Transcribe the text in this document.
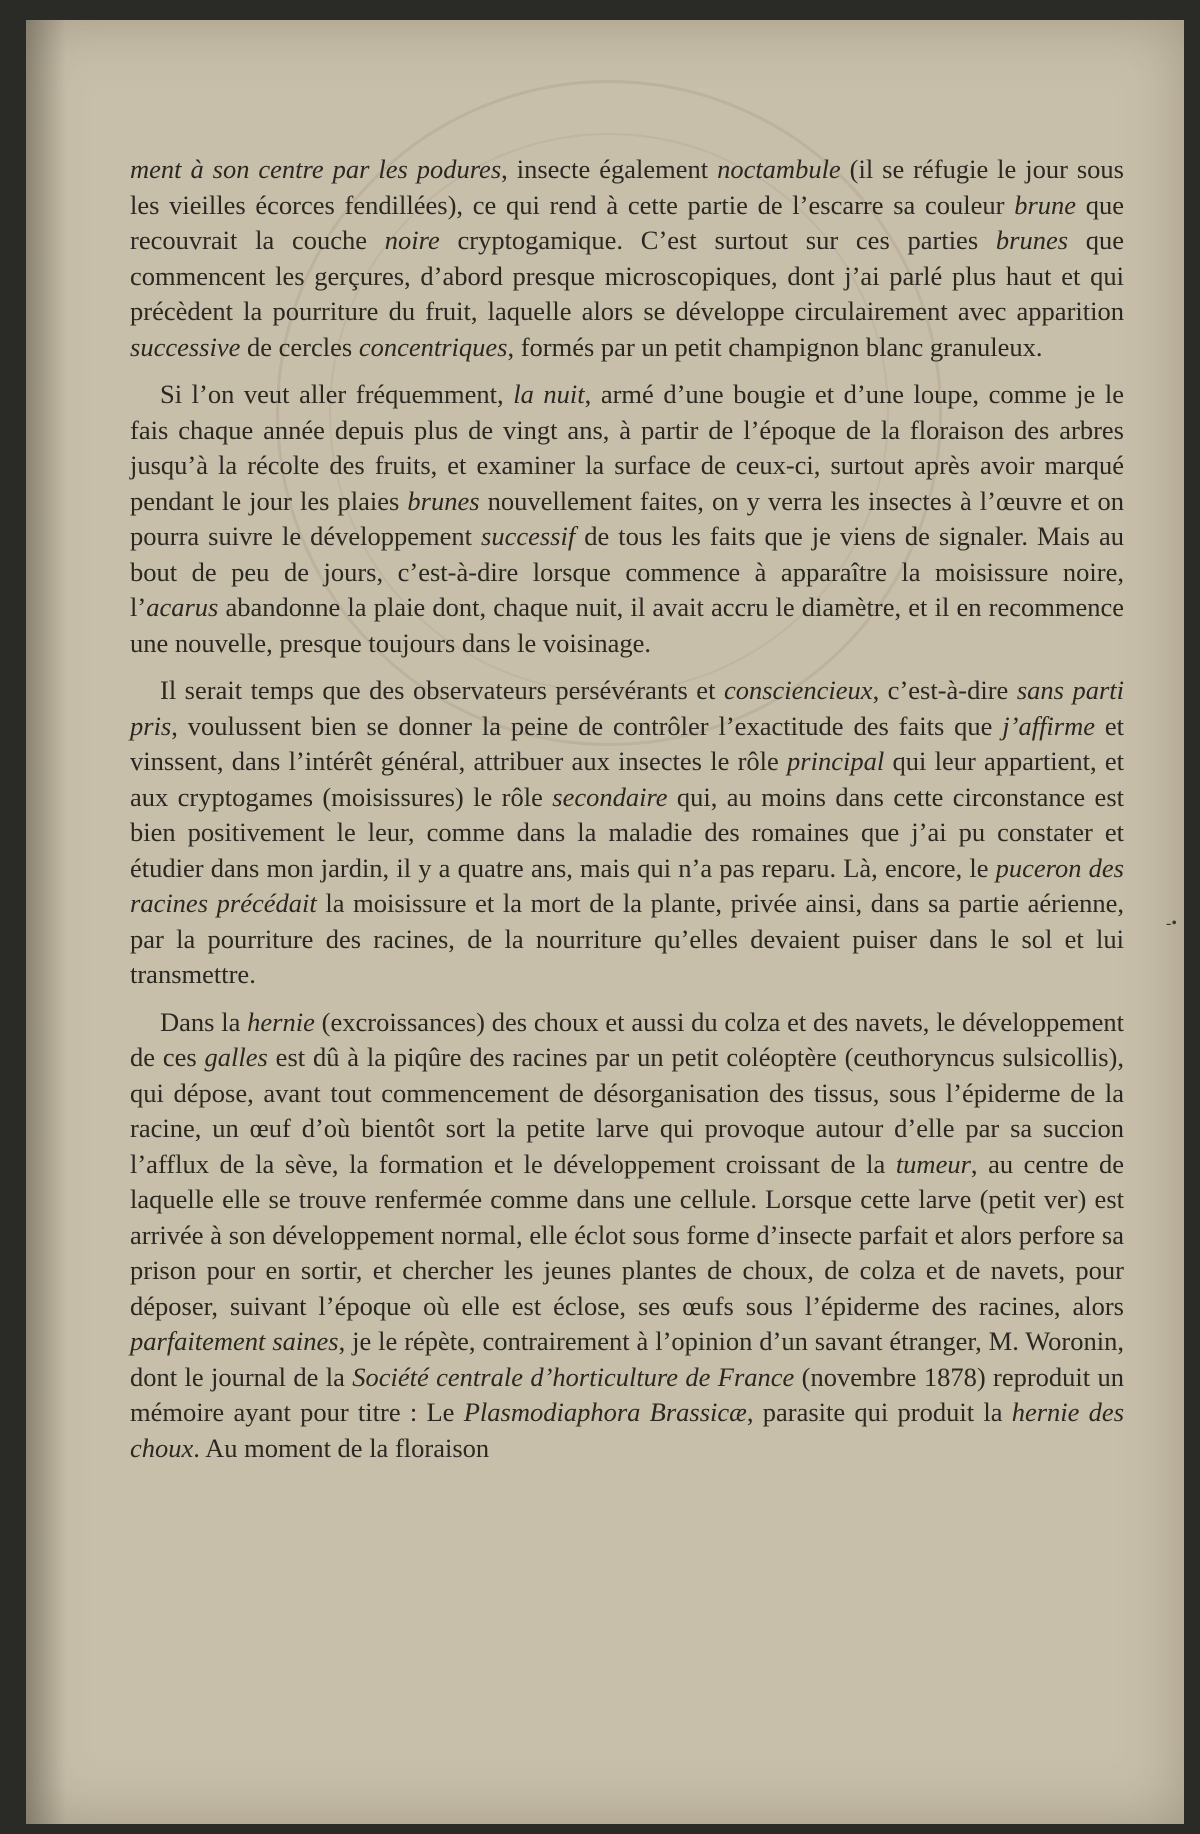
ment à son centre par les podures, insecte également noctambule (il se réfugie le jour sous les vieilles écorces fendillées), ce qui rend à cette partie de l’escarre sa couleur brune que recouvrait la couche noire cryptogamique. C’est surtout sur ces parties brunes que commencent les gerçures, d’abord presque microscopiques, dont j’ai parlé plus haut et qui précèdent la pourriture du fruit, laquelle alors se développe circulairement avec apparition successive de cercles concentriques, formés par un petit champignon blanc granuleux.

Si l’on veut aller fréquemment, la nuit, armé d’une bougie et d’une loupe, comme je le fais chaque année depuis plus de vingt ans, à partir de l’époque de la floraison des arbres jusqu’à la récolte des fruits, et examiner la surface de ceux-ci, surtout après avoir marqué pendant le jour les plaies brunes nouvellement faites, on y verra les insectes à l’œuvre et on pourra suivre le développement successif de tous les faits que je viens de signaler. Mais au bout de peu de jours, c’est-à-dire lorsque commence à apparaître la moisissure noire, l’acarus abandonne la plaie dont, chaque nuit, il avait accru le diamètre, et il en recommence une nouvelle, presque toujours dans le voisinage.

Il serait temps que des observateurs persévérants et consciencieux, c’est-à-dire sans parti pris, voulussent bien se donner la peine de contrôler l’exactitude des faits que j’affirme et vinssent, dans l’intérêt général, attribuer aux insectes le rôle principal qui leur appartient, et aux cryptogames (moisissures) le rôle secondaire qui, au moins dans cette circonstance est bien positivement le leur, comme dans la maladie des romaines que j’ai pu constater et étudier dans mon jardin, il y a quatre ans, mais qui n’a pas reparu. Là, encore, le puceron des racines précédait la moisissure et la mort de la plante, privée ainsi, dans sa partie aérienne, par la pourriture des racines, de la nourriture qu’elles devaient puiser dans le sol et lui transmettre.

Dans la hernie (excroissances) des choux et aussi du colza et des navets, le développement de ces galles est dû à la piqûre des racines par un petit coléoptère (ceuthoryncus sulsicollis), qui dépose, avant tout commencement de désorganisation des tissus, sous l’épiderme de la racine, un œuf d’où bientôt sort la petite larve qui provoque autour d’elle par sa succion l’afflux de la sève, la formation et le développement croissant de la tumeur, au centre de laquelle elle se trouve renfermée comme dans une cellule. Lorsque cette larve (petit ver) est arrivée à son développement normal, elle éclot sous forme d’insecte parfait et alors perfore sa prison pour en sortir, et chercher les jeunes plantes de choux, de colza et de navets, pour déposer, suivant l’époque où elle est éclose, ses œufs sous l’épiderme des racines, alors parfaitement saines, je le répète, contrairement à l’opinion d’un savant étranger, M. Woronin, dont le journal de la Société centrale d’horticulture de France (novembre 1878) reproduit un mémoire ayant pour titre : Le Plasmodiaphora Brassicæ, parasite qui produit la hernie des choux. Au moment de la floraison

-•
